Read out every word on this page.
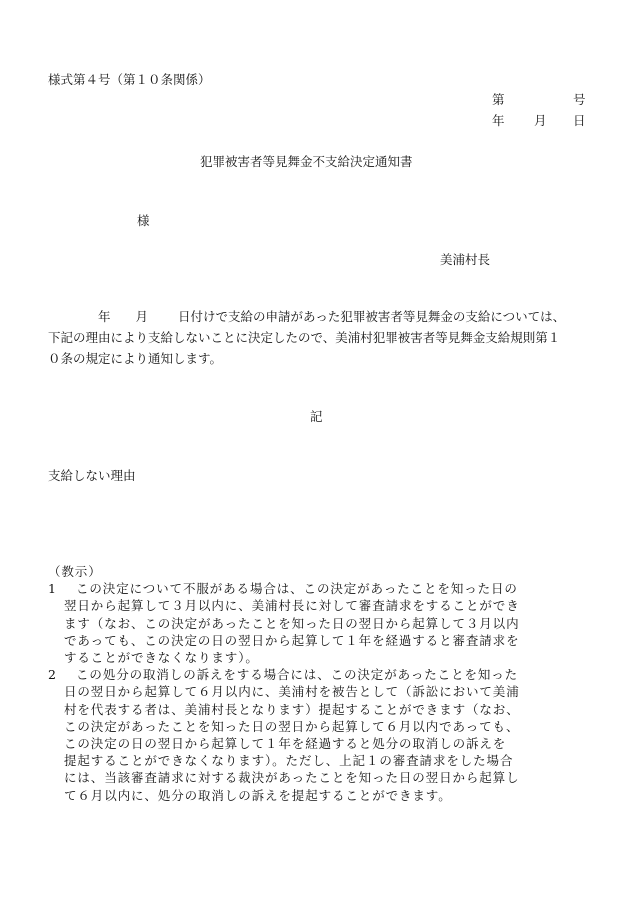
様式第４号（第１０条関係）
第	号
年 月 日
犯罪被害者等見舞金不支給決定通知書
様
美浦村長
年 月 日付けで支給の申請があった犯罪被害者等見舞金の支給については、
下記の理由により支給しないことに決定したので、美浦村犯罪被害者等見舞金支給規則第１
０条の規定により通知します。
記
支給しない理由
（教示）
1 この決定について不服がある場合は、この決定があったことを知った日の
翌日から起算して３月以内に、美浦村長に対して審査請求をすることができ
ます（なお、この決定があったことを知った日の翌日から起算して３月以内
であっても、この決定の日の翌日から起算して１年を経過すると審査請求を
することができなくなります）。
2 この処分の取消しの訴えをする場合には、この決定があったことを知った
日の翌日から起算して６月以内に、美浦村を被告として（訴訟において美浦
村を代表する者は、美浦村長となります）提起することができます（なお、
この決定があったことを知った日の翌日から起算して６月以内であっても、
この決定の日の翌日から起算して１年を経過すると処分の取消しの訴えを
提起することができなくなります）。ただし、上記１の審査請求をした場合
には、当該審査請求に対する裁決があったことを知った日の翌日から起算し
て６月以内に、処分の取消しの訴えを提起することができます。
